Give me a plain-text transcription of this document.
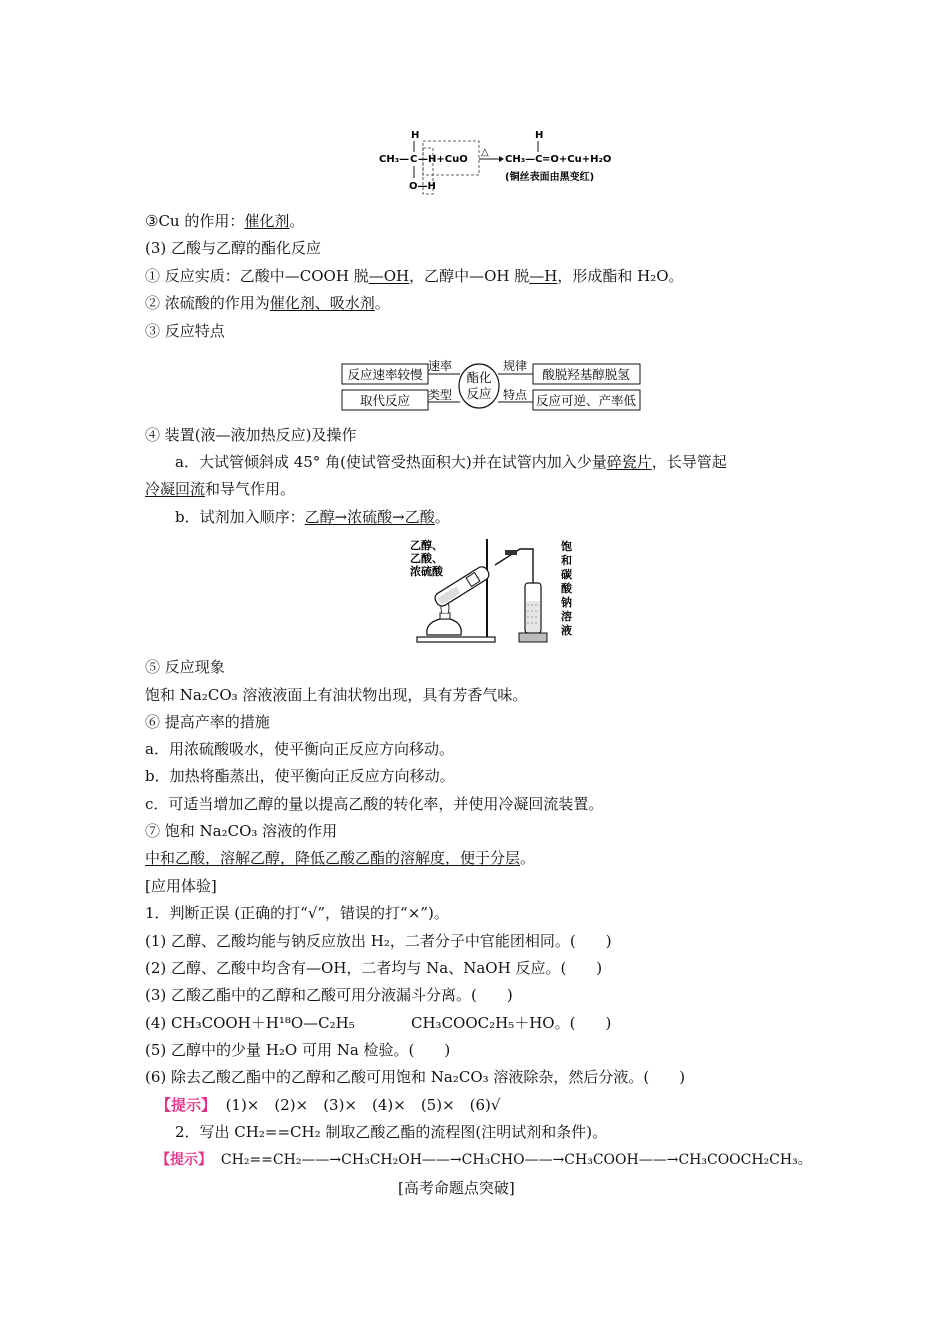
H
CH₃— C —H+CuO
O—H
△
H
CH₃—C =O+Cu+H₂O
(铜丝表面由黑变红)
③Cu 的作用：催化剂。
(3) 乙酸与乙醇的酯化反应
① 反应实质：乙酸中—COOH 脱—OH，乙醇中—OH 脱—H，形成酯和 H₂O。
② 浓硫酸的作用为催化剂、吸水剂。
③ 反应特点
反应速率较慢
取代反应
速率
类型
酯化
反应
规律
特点
酸脱羟基醇脱氢
反应可逆、产率低
④ 装置(液—液加热反应)及操作
a．大试管倾斜成 45° 角(使试管受热面积大)并在试管内加入少量碎瓷片，长导管起
冷凝回流和导气作用。
b．试剂加入顺序：乙醇→浓硫酸→乙酸。
乙醇、
乙酸、
浓硫酸
饱
和
碳
酸
钠
溶
液
⑤ 反应现象
饱和 Na₂CO₃ 溶液液面上有油状物出现，具有芳香气味。
⑥ 提高产率的措施
a．用浓硫酸吸水，使平衡向正反应方向移动。
b．加热将酯蒸出，使平衡向正反应方向移动。
c．可适当增加乙醇的量以提高乙酸的转化率，并使用冷凝回流装置。
⑦ 饱和 Na₂CO₃ 溶液的作用
中和乙酸，溶解乙醇，降低乙酸乙酯的溶解度，便于分层。
[应用体验]
1．判断正误 (正确的打“√”，错误的打“×”)。
(1) 乙醇、乙酸均能与钠反应放出 H₂，二者分子中官能团相同。(　　)
(2) 乙醇、乙酸中均含有—OH，二者均与 Na、NaOH 反应。(　　)
(3) 乙酸乙酯中的乙醇和乙酸可用分液漏斗分离。(　　)
(4) CH₃COOH＋H¹⁸O—C₂H₅	CH₃COOC₂H₅＋HO。(　　)
(5) 乙醇中的少量 H₂O 可用 Na 检验。(　　)
(6) 除去乙酸乙酯中的乙醇和乙酸可用饱和 Na₂CO₃ 溶液除杂，然后分液。(　　)
【提示】 (1)×　(2)×　(3)×　(4)×　(5)×　(6)√
2．写出 CH₂==CH₂ 制取乙酸乙酯的流程图(注明试剂和条件)。
【提示】 CH₂==CH₂——→CH₃CH₂OH——→CH₃CHO——→CH₃COOH——→CH₃COOCH₂CH₃。
[高考命题点突破]
